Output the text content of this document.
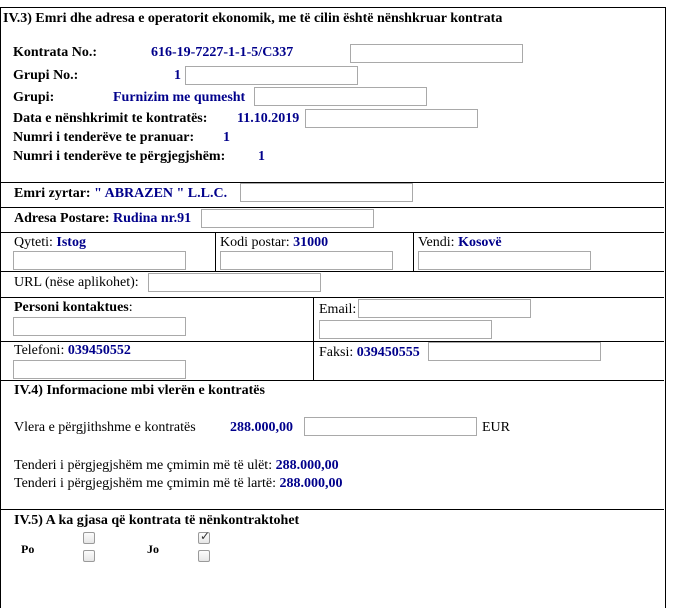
IV.3) Emri dhe adresa e operatorit ekonomik, me të cilin është nënshkruar kontrata
Kontrata No.:	616-19-7227-1-1-5/C337
Grupi No.:	1
Grupi:	Furnizim me qumesht
Data e nënshkrimit te kontratës: 11.10.2019
Numri i tenderëve te pranuar: 1
Numri i tenderëve te përgjegjshëm: 1
Emri zyrtar: " ABRAZEN " L.L.C.
Adresa Postare: Rudina nr.91
Qyteti: Istog	Kodi postar: 31000	Vendi: Kosovë
URL (nëse aplikohet):
Personi kontaktues:	Email:
Telefoni: 039450552	Faksi: 039450555
IV.4) Informacione mbi vlerën e kontratës
Vlera e përgjithshme e kontratës 288.000,00	EUR
Tenderi i përgjegjshëm me çmimin më të ulët: 288.000,00
Tenderi i përgjegjshëm me çmimin më të lartë: 288.000,00
IV.5) A ka gjasa që kontrata të nënkontraktohet
Po	Jo
✓
